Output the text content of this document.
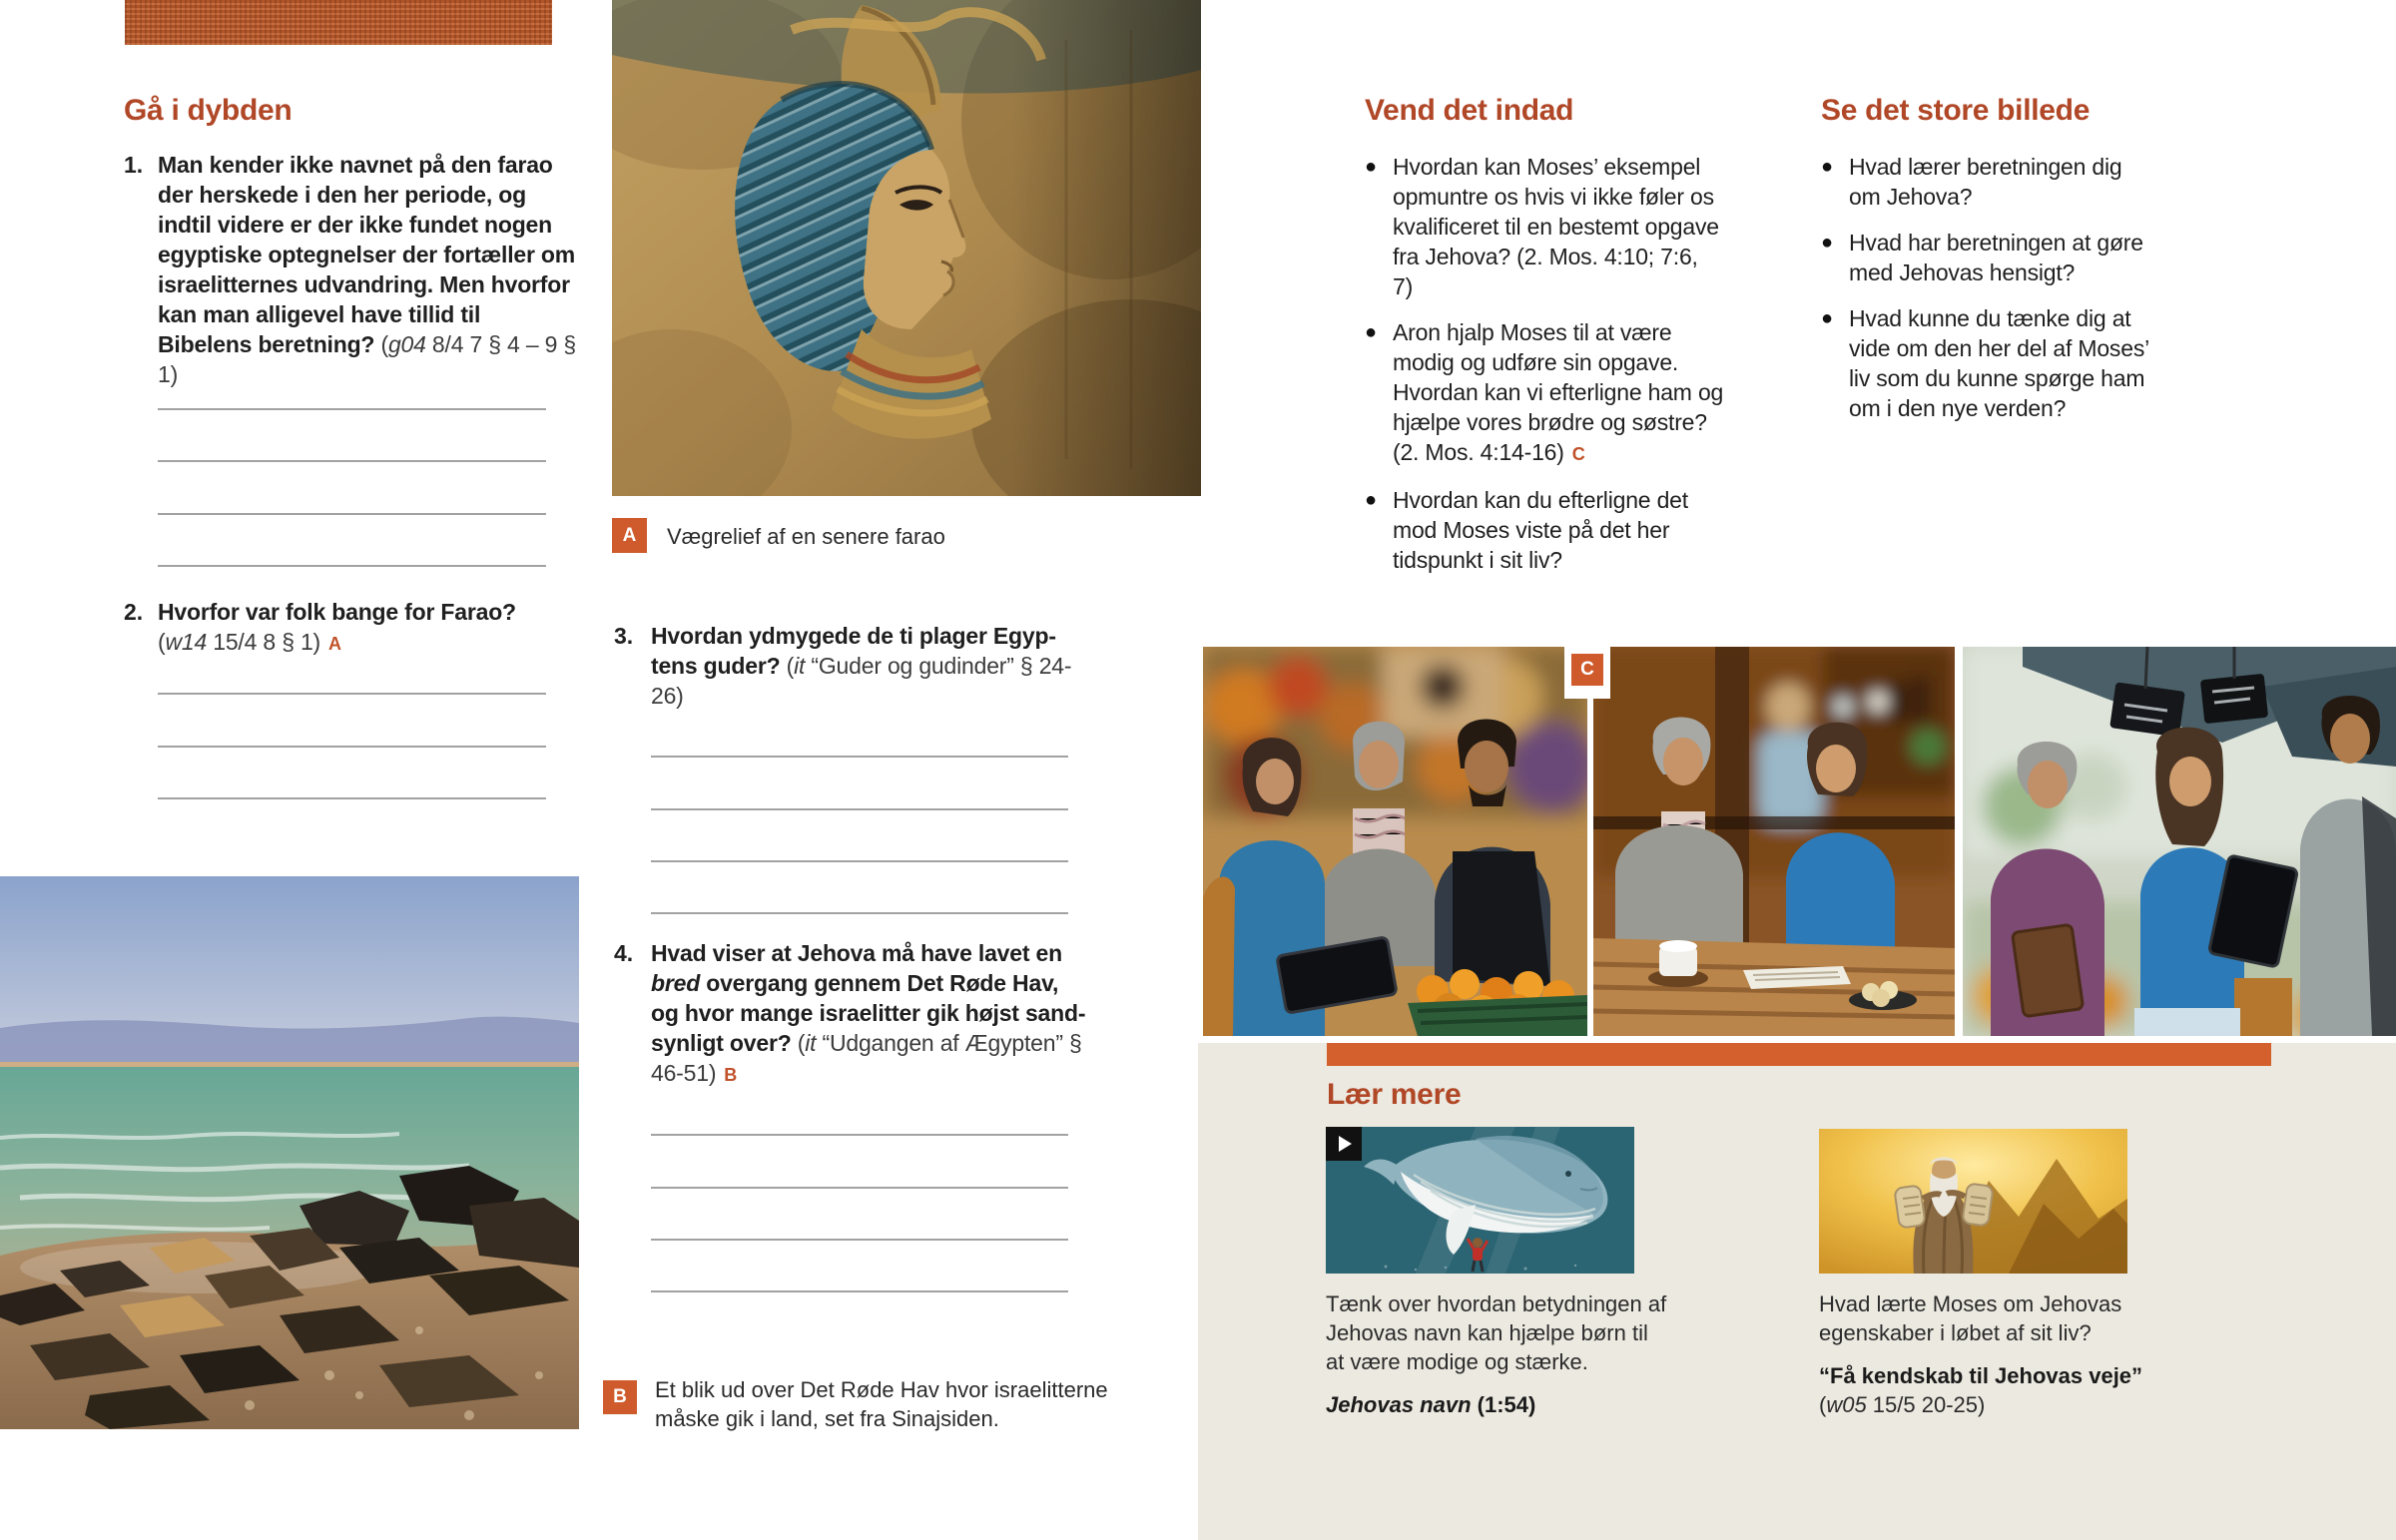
Gå i dybden
1. Man kender ikke navnet på den farao der herskede i den her periode, og indtil videre er der ikke fundet nogen egyptiske optegnelser der fortæller om israelitternes udvandring. Men hvorfor kan man alligevel have tillid til Bibelens beretning? (g04 8/4 7 § 4 – 9 § 1)
2. Hvorfor var folk bange for Farao?
(w14 15/4 8 § 1) A
A Vægrelief af en senere farao
3. Hvordan ydmygede de ti plager Egyptens guder? (it “Guder og gudinder” § 24-26)
4. Hvad viser at Jehova må have lavet en bred overgang gennem Det Røde Hav, og hvor mange israelitter gik højst sandsynligt over? (it “Udgangen af Ægypten” § 46-51) B
B Et blik ud over Det Røde Hav hvor israelitterne måske gik i land, set fra Sinajsiden.
Vend det indad
● Hvordan kan Moses’ eksempel opmuntre os hvis vi ikke føler os kvalificeret til en bestemt opgave fra Jehova? (2. Mos. 4:10; 7:6, 7)
● Aron hjalp Moses til at være modig og udføre sin opgave. Hvordan kan vi efterligne ham og hjælpe vores brødre og søstre? (2. Mos. 4:14-16) C
● Hvordan kan du efterligne det mod Moses viste på det her tidspunkt i sit liv?
Se det store billede
● Hvad lærer beretningen dig om Jehova?
● Hvad har beretningen at gøre med Jehovas hensigt?
● Hvad kunne du tænke dig at vide om den her del af Moses’ liv som du kunne spørge ham om i den nye verden?
C
Lær mere

Tænk over hvordan betydningen af Jehovas navn kan hjælpe børn til at være modige og stærke.

Jehovas navn (1:54)

Hvad lærte Moses om Jehovas egenskaber i løbet af sit liv?

“Få kendskab til Jehovas veje”
(w05 15/5 20-25)
